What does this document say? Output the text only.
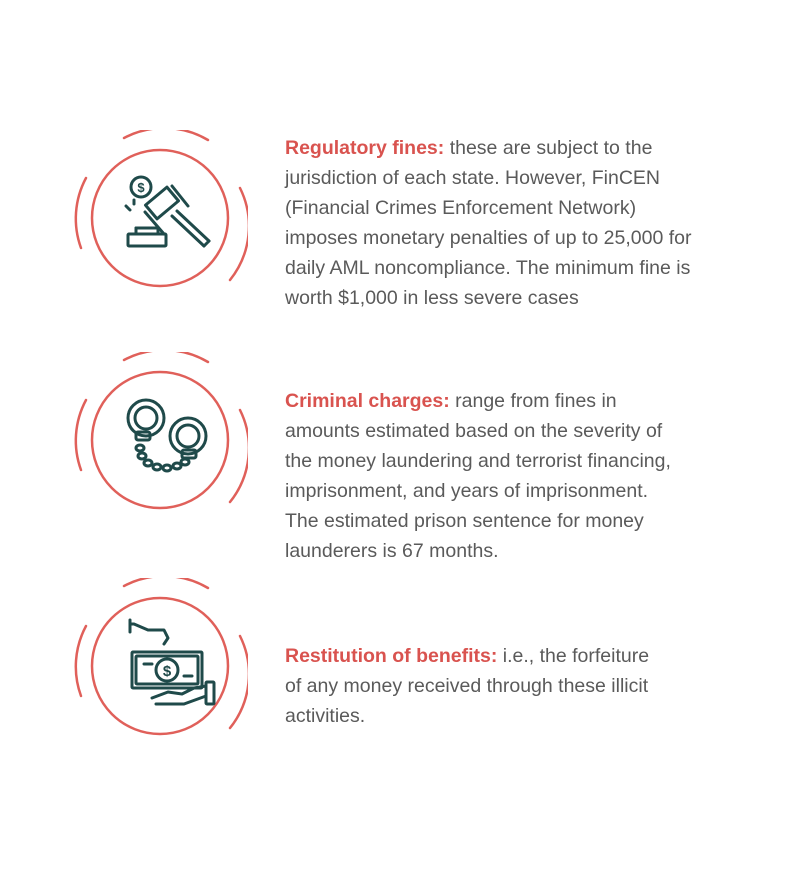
$
Regulatory fines: these are subject to the
jurisdiction of each state. However, FinCEN
(Financial Crimes Enforcement Network)
imposes monetary penalties of up to 25,000 for
daily AML noncompliance. The minimum fine is
worth $1,000 in less severe cases
Criminal charges: range from fines in
amounts estimated based on the severity of
the money laundering and terrorist financing,
imprisonment, and years of imprisonment.
The estimated prison sentence for money
launderers is 67 months.
$
Restitution of benefits: i.e., the forfeiture
of any money received through these illicit
activities.
